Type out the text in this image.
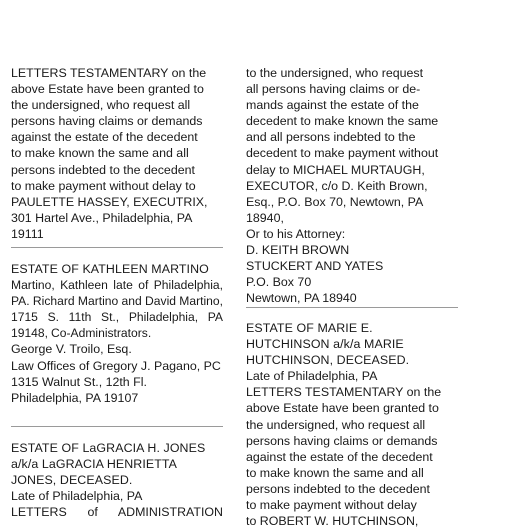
LETTERS TESTAMENTARY on the

above Estate have been granted to

the undersigned, who request all

persons having claims or demands

against the estate of the decedent

to make known the same and all

persons indebted to the decedent

to make payment without delay to

PAULETTE HASSEY, EXECUTRIX,

301 Hartel Ave., Philadelphia, PA

19111

ESTATE OF KATHLEEN MARTINO

Martino, Kathleen late of Philadelphia, PA. Richard Martino and David Martino, 1715 S. 11th St., Philadelphia, PA 19148, Co-Administrators.

George V. Troilo, Esq.

Law Offices of Gregory J. Pagano, PC

1315 Walnut St., 12th Fl.

Philadelphia, PA 19107

ESTATE OF LaGRACIA H. JONES

a/k/a LaGRACIA HENRIETTA

JONES, DECEASED.

Late of Philadelphia, PA

LETTERS of ADMINISTRATION

to the undersigned, who request

all persons having claims or de-

mands against the estate of the

decedent to make known the same

and all persons indebted to the

decedent to make payment without

delay to MICHAEL MURTAUGH,

EXECUTOR, c/o D. Keith Brown,

Esq., P.O. Box 70, Newtown, PA

18940,

Or to his Attorney:

D. KEITH BROWN

STUCKERT AND YATES

P.O. Box 70

Newtown, PA 18940

ESTATE OF MARIE E.

HUTCHINSON a/k/a MARIE

HUTCHINSON, DECEASED.

Late of Philadelphia, PA

LETTERS TESTAMENTARY on the

above Estate have been granted to

the undersigned, who request all

persons having claims or demands

against the estate of the decedent

to make known the same and all

persons indebted to the decedent

to make payment without delay

to ROBERT W. HUTCHINSON,
